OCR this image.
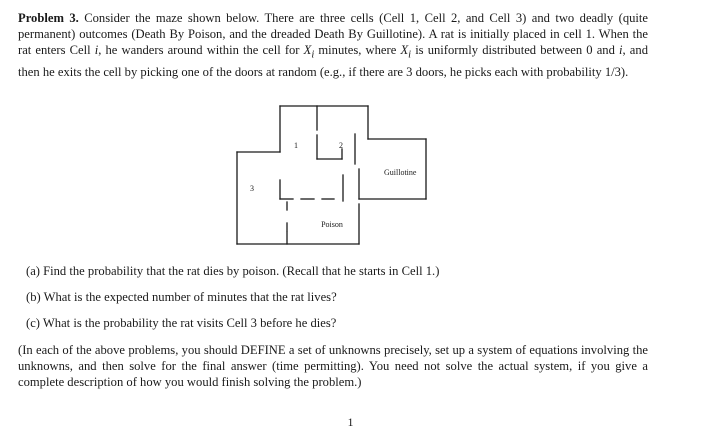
Problem 3. Consider the maze shown below. There are three cells (Cell 1, Cell 2, and Cell 3) and two deadly (quite permanent) outcomes (Death By Poison, and the dreaded Death By Guillotine). A rat is initially placed in cell 1. When the rat enters Cell i, he wanders around within the cell for $X_i$ minutes, where $X_i$ is uniformly distributed between 0 and i, and then he exits the cell by picking one of the doors at random (e.g., if there are 3 doors, he picks each with probability 1/3).

1	2
3
Guillotine
Poison

(a) Find the probability that the rat dies by poison. (Recall that he starts in Cell 1.)

(b) What is the expected number of minutes that the rat lives?

(c) What is the probability the rat visits Cell 3 before he dies?

(In each of the above problems, you should DEFINE a set of unknowns precisely, set up a system of equations involving the unknowns, and then solve for the final answer (time permitting). You need not solve the actual system, if you give a complete description of how you would finish solving the problem.)

1
